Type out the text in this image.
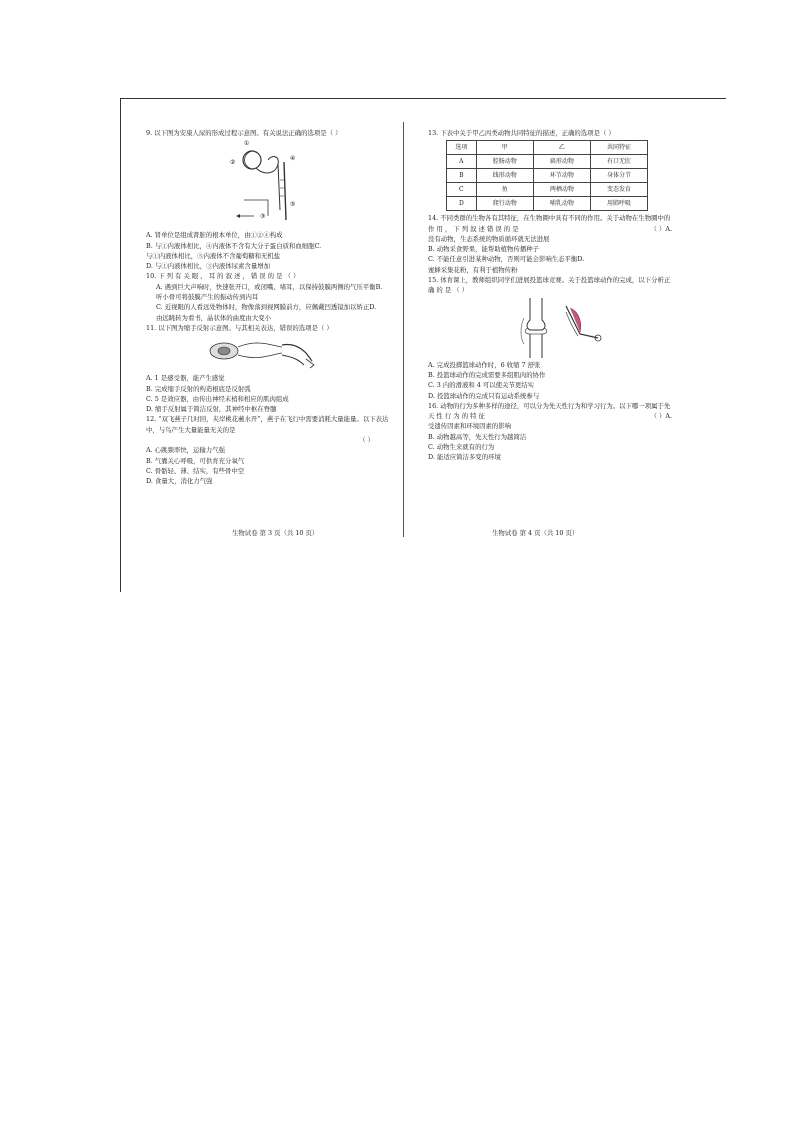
9. 以下图为安康人尿的形成过程示意图。有关说法正确的选项是（ ）

①
②
③
④
⑤

A. 肾单位是组成肾脏的根本单位，由①②④构成

B. 与①内液体相比，④内液体不含有大分子蛋白质和血细胞C.

与①内液体相比，⑤内液体不含葡萄糖和无机盐

D. 与①内液体相比，③内液体尿素含量增加

10. 下 列 有 关 眼 、 耳 的 叙 述 ， 错 误 的 是 （ ）

A. 遇到巨大声响时，快速张开口，或闭嘴、堵耳，以保持鼓膜两侧的气压平衡B.

听小骨可将鼓膜产生的振动传到内耳

C. 近视眼的人看远处物体时，物像落到视网膜前方，应佩戴凹透镜加以矫正D.

由远眺转为看书，晶状体的曲度由大变小

11. 以下图为缩手反射示意图。与其相关表达，错误的选项是（ ）

A. 1 是感受器，能产生感觉

B. 完成缩手反射的构造根底是反射弧

C. 5 是效应器，由传出神经末梢和相应的肌肉组成

D. 缩手反射属于简洁反射，其神经中枢在脊髓

12. “双飞燕子几时回，夹岸桃花蘸水开”，燕子在飞行中需要消耗大量能量。以下表达中，与鸟产生大量能量无关的是

（ ）

A. 心跳频率快，运输力气强

B. 气囊关心呼吸，可供育充分氧气

C. 骨骼轻、薄、结实，有些骨中空

D. 食量大，消化力气强

13. 下表中关于甲乙丙类动物共同特征的描述，正确的选项是（ ）

选项	甲	乙	共同特征
A	腔肠动物	扁形动物	有口无肛
B	线形动物	环节动物	身体分节
C	鱼	两栖动物	变态发育
D	爬行动物	哺乳动物	用肺呼吸

14. 不同类群的生物各有其特征，在生物圈中具有不同的作用。关于动物在生物圈中的

作 用 ， 下 列 叙 述 错 误 的 是	（ ）A.

没有动物，生态系统的物质循环就无法进展

B. 动物采食野果，能帮助植物传播种子

C. 不能任意引进某种动物，否则可能会影响生态平衡D.

蜜蜂采集花粉，有利于植物传粉

15. 体育课上，教师组织同学们进展投篮球竞赛。关于投篮球动作的完成，以下分析正

确 的 是 （ ）

A. 完成投掷篮球动作时，6 收缩 7 舒张

B. 投篮球动作的完成需要多组肌肉的协作

C. 3 内的滑液和 4 可以使关节更结实

D. 投篮球动作的完成只有运动系统参与

16. 动物的行为多种多样的途径，可以分为先天性行为和学习行为。以下哪一项属于先

天 性 行 为 的 特 征	（ ）A.

受遗传因素和环境因素的影响

B. 动物越高等，先天性行为越简洁

C. 动物生来就有的行为

D. 能适应简洁多变的环境

生物试卷 第 3 页（共 10 页）	生物试卷 第 4 页（共 10 页）
